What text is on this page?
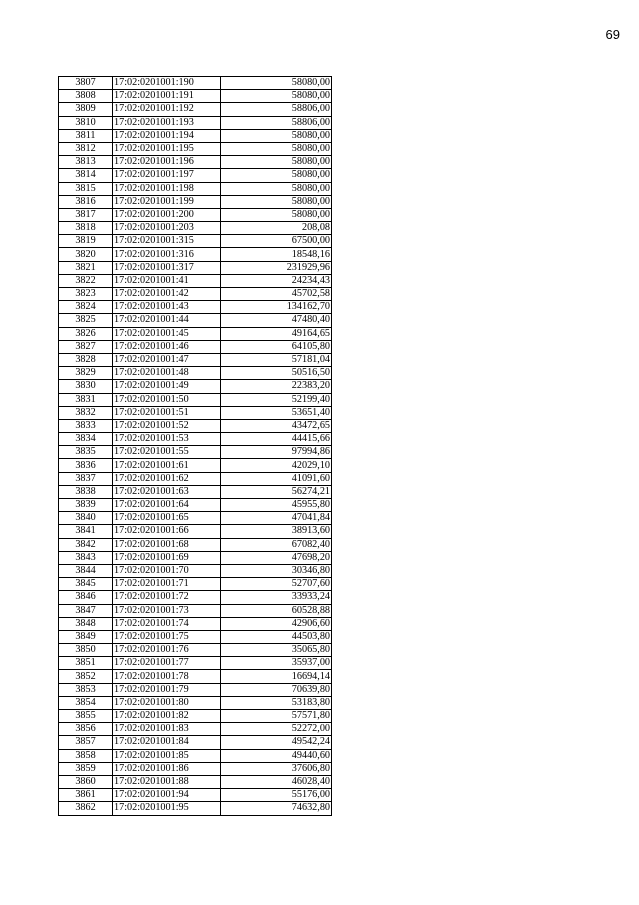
69
3807	17:02:0201001:190	58080,00
3808	17:02:0201001:191	58080,00
3809	17:02:0201001:192	58806,00
3810	17:02:0201001:193	58806,00
3811	17:02:0201001:194	58080,00
3812	17:02:0201001:195	58080,00
3813	17:02:0201001:196	58080,00
3814	17:02:0201001:197	58080,00
3815	17:02:0201001:198	58080,00
3816	17:02:0201001:199	58080,00
3817	17:02:0201001:200	58080,00
3818	17:02:0201001:203	208,08
3819	17:02:0201001:315	67500,00
3820	17:02:0201001:316	18548,16
3821	17:02:0201001:317	231929,96
3822	17:02:0201001:41	24234,43
3823	17:02:0201001:42	45702,58
3824	17:02:0201001:43	134162,70
3825	17:02:0201001:44	47480,40
3826	17:02:0201001:45	49164,65
3827	17:02:0201001:46	64105,80
3828	17:02:0201001:47	57181,04
3829	17:02:0201001:48	50516,50
3830	17:02:0201001:49	22383,20
3831	17:02:0201001:50	52199,40
3832	17:02:0201001:51	53651,40
3833	17:02:0201001:52	43472,65
3834	17:02:0201001:53	44415,66
3835	17:02:0201001:55	97994,86
3836	17:02:0201001:61	42029,10
3837	17:02:0201001:62	41091,60
3838	17:02:0201001:63	56274,21
3839	17:02:0201001:64	45955,80
3840	17:02:0201001:65	47041,84
3841	17:02:0201001:66	38913,60
3842	17:02:0201001:68	67082,40
3843	17:02:0201001:69	47698,20
3844	17:02:0201001:70	30346,80
3845	17:02:0201001:71	52707,60
3846	17:02:0201001:72	33933,24
3847	17:02:0201001:73	60528,88
3848	17:02:0201001:74	42906,60
3849	17:02:0201001:75	44503,80
3850	17:02:0201001:76	35065,80
3851	17:02:0201001:77	35937,00
3852	17:02:0201001:78	16694,14
3853	17:02:0201001:79	70639,80
3854	17:02:0201001:80	53183,80
3855	17:02:0201001:82	57571,80
3856	17:02:0201001:83	52272,00
3857	17:02:0201001:84	49542,24
3858	17:02:0201001:85	49440,60
3859	17:02:0201001:86	37606,80
3860	17:02:0201001:88	46028,40
3861	17:02:0201001:94	55176,00
3862	17:02:0201001:95	74632,80
